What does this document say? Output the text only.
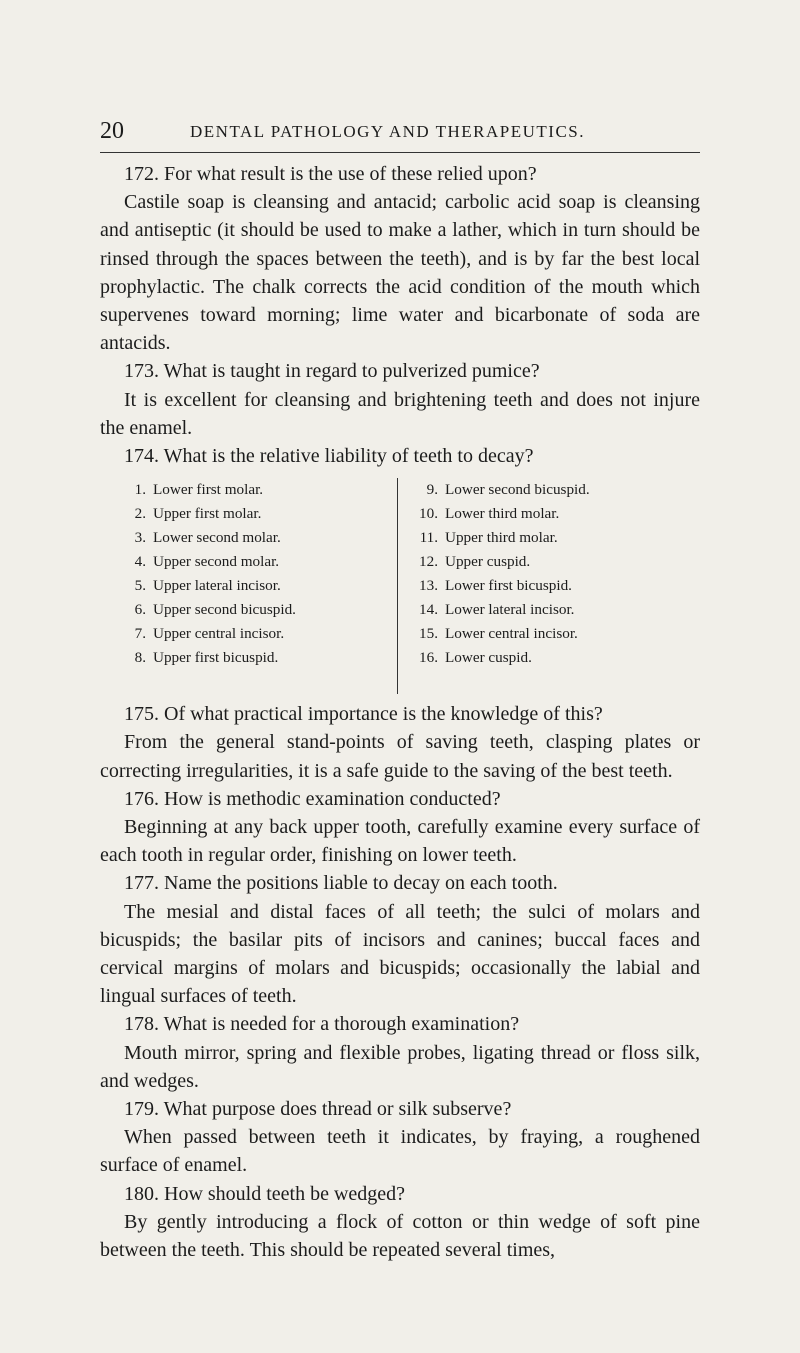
20	DENTAL PATHOLOGY AND THERAPEUTICS.

172. For what result is the use of these relied upon?

Castile soap is cleansing and antacid; carbolic acid soap is cleansing and antiseptic (it should be used to make a lather, which in turn should be rinsed through the spaces between the teeth), and is by far the best local prophylactic. The chalk corrects the acid condition of the mouth which supervenes toward morning; lime water and bicarbonate of soda are antacids.

173. What is taught in regard to pulverized pumice?

It is excellent for cleansing and brightening teeth and does not injure the enamel.

174. What is the relative liability of teeth to decay?

1. Lower first molar.
2. Upper first molar.
3. Lower second molar.
4. Upper second molar.
5. Upper lateral incisor.
6. Upper second bicuspid.
7. Upper central incisor.
8. Upper first bicuspid.
9. Lower second bicuspid.
10. Lower third molar.
11. Upper third molar.
12. Upper cuspid.
13. Lower first bicuspid.
14. Lower lateral incisor.
15. Lower central incisor.
16. Lower cuspid.

175. Of what practical importance is the knowledge of this?

From the general stand-points of saving teeth, clasping plates or correcting irregularities, it is a safe guide to the saving of the best teeth.

176. How is methodic examination conducted?

Beginning at any back upper tooth, carefully examine every surface of each tooth in regular order, finishing on lower teeth.

177. Name the positions liable to decay on each tooth.

The mesial and distal faces of all teeth; the sulci of molars and bicuspids; the basilar pits of incisors and canines; buccal faces and cervical margins of molars and bicuspids; occasionally the labial and lingual surfaces of teeth.

178. What is needed for a thorough examination?

Mouth mirror, spring and flexible probes, ligating thread or floss silk, and wedges.

179. What purpose does thread or silk subserve?

When passed between teeth it indicates, by fraying, a roughened surface of enamel.

180. How should teeth be wedged?

By gently introducing a flock of cotton or thin wedge of soft pine between the teeth. This should be repeated several times,
